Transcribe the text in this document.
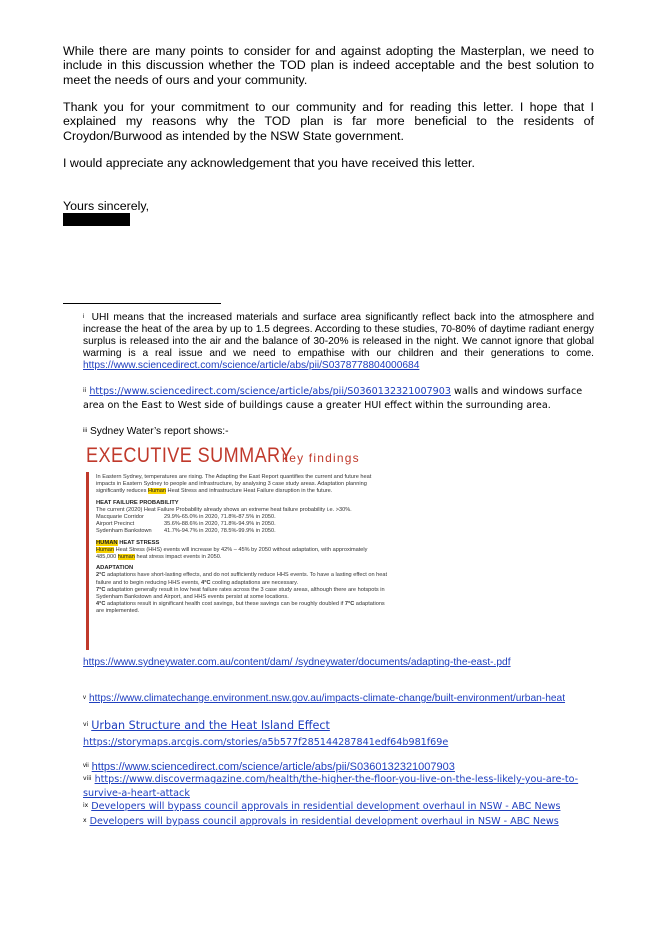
While there are many points to consider for and against adopting the Masterplan, we need to include in this discussion whether the TOD plan is indeed acceptable and the best solution to meet the needs of ours and your community.

Thank you for your commitment to our community and for reading this letter. I hope that I explained my reasons why the TOD plan is far more beneficial to the residents of Croydon/Burwood as intended by the NSW State government.

I would appreciate any acknowledgement that you have received this letter.

Yours sincerely,

$^i$ UHI means that the increased materials and surface area significantly reflect back into the atmosphere and increase the heat of the area by up to 1.5 degrees. According to these studies, 70-80% of daytime radiant energy surplus is released into the air and the balance of 30-20% is released in the night. We cannot ignore that global warming is a real issue and we need to empathise with our children and their generations to come. https://www.sciencedirect.com/science/article/abs/pii/S0378778804000684

$^{ii}$ https://www.sciencedirect.com/science/article/abs/pii/S0360132321007903 walls and windows surface area on the East to West side of buildings cause a greater HUI effect within the surrounding area.

$^{iii}$ Sydney Water’s report shows:-

EXECUTIVE SUMMARY
key findings

In Eastern Sydney, temperatures are rising. The Adapting the East Report quantifies the current and future heat impacts in Eastern Sydney to people and infrastructure, by analysing 3 case study areas. Adaptation planning significantly reduces Human Heat Stress and infrastructure Heat Failure disruption in the future.

HEAT FAILURE PROBABILITY

The current (2020) Heat Failure Probability already shows an extreme heat failure probability i.e. >30%.

Macquarie Corridor	29.9%-65.0% in 2020, 71.8%-87.5% in 2050.
Airport Precinct	35.6%-88.6% in 2020, 71.8%-94.9% in 2050.
Sydenham Bankstown	41.7%-94.7% in 2020, 78.5%-99.9% in 2050.

HUMAN HEAT STRESS

Human Heat Stress (HHS) events will increase by 42% – 45% by 2050 without adaptation, with approximately 485,000 human heat stress impact events in 2050.

ADAPTATION

2°C adaptations have short-lasting effects, and do not sufficiently reduce HHS events. To have a lasting effect on heat failure and to begin reducing HHS events, 4°C cooling adaptations are necessary.

7°C adaptation generally result in low heat failure rates across the 3 case study areas, although there are hotspots in Sydenham Bankstown and Airport, and HHS events persist at some locations.

4°C adaptations result in significant health cost savings, but these savings can be roughly doubled if 7°C adaptations are implemented.

https://www.sydneywater.com.au/content/dam/ /sydneywater/documents/adapting-the-east-.pdf

$^v$ https://www.climatechange.environment.nsw.gov.au/impacts-climate-change/built-environment/urban-heat

$^{vi}$ Urban Structure and the Heat Island Effect

https://storymaps.arcgis.com/stories/a5b577f285144287841edf64b981f69e

$^{vii}$ https://www.sciencedirect.com/science/article/abs/pii/S0360132321007903

$^{viii}$ https://www.discovermagazine.com/health/the-higher-the-floor-you-live-on-the-less-likely-you-are-to-survive-a-heart-attack

$^{ix}$ Developers will bypass council approvals in residential development overhaul in NSW - ABC News

$^x$ Developers will bypass council approvals in residential development overhaul in NSW - ABC News
